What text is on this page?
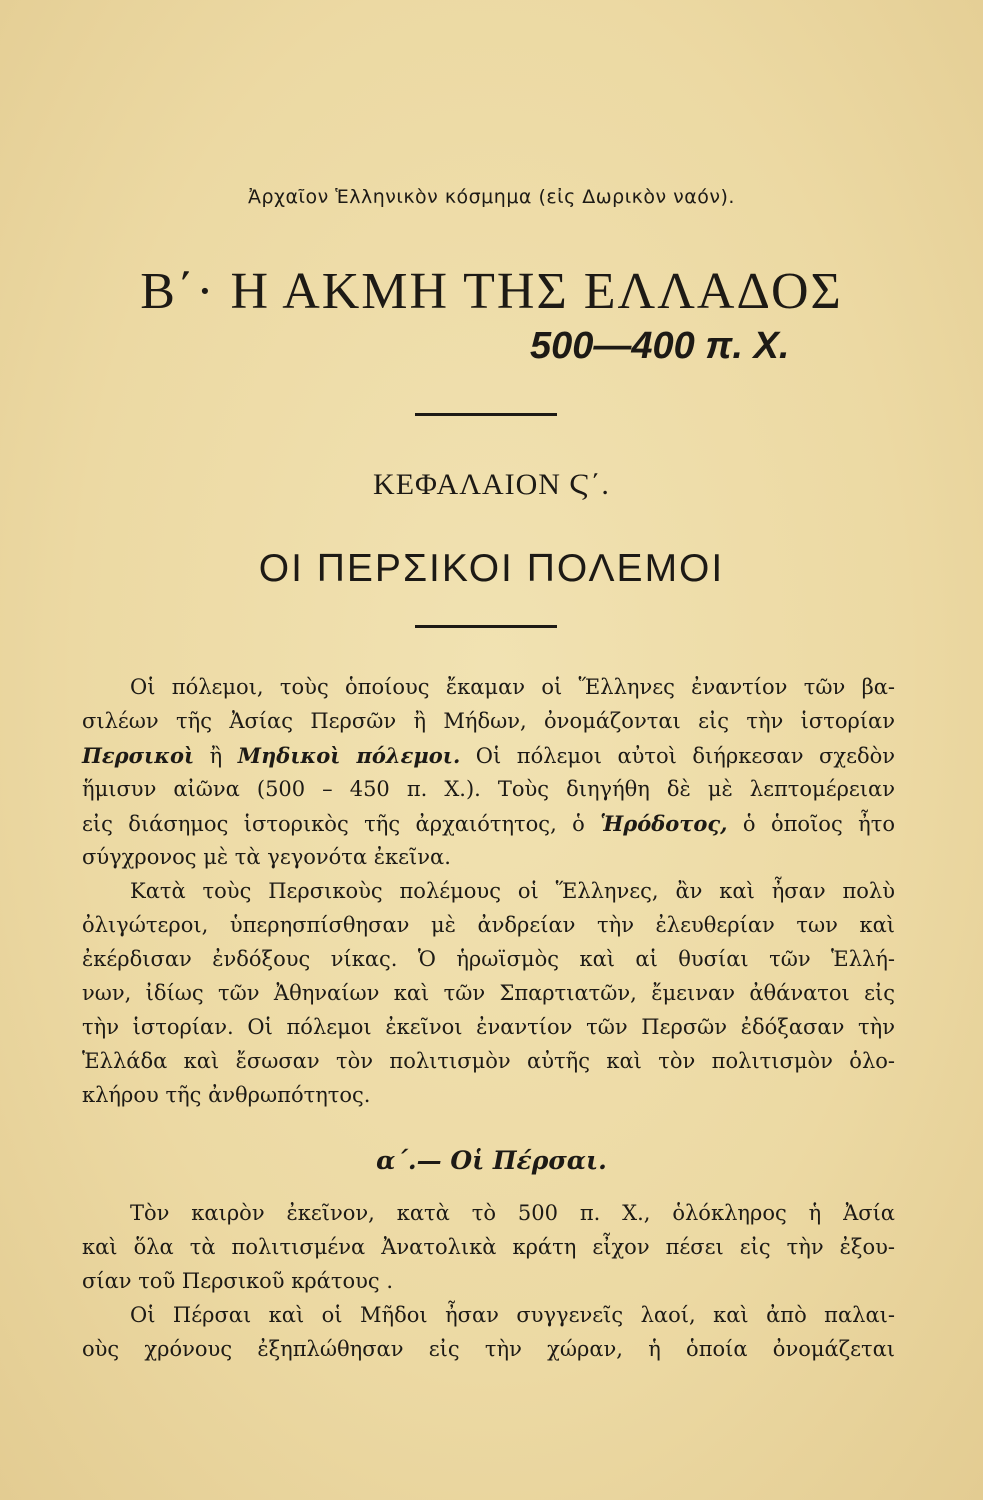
Ἀρχαῖον Ἑλληνικὸν κόσμημα (εἰς Δωρικὸν ναόν).
Β΄· Η ΑΚΜΗ ΤΗΣ ΕΛΛΑΔΟΣ
500—400 π. Χ.
ΚΕΦΑΛΑΙΟΝ Ϛ΄.
ΟΙ ΠΕΡΣΙΚΟΙ ΠΟΛΕΜΟΙ
Οἱ πόλεμοι, τοὺς ὁποίους ἔκαμαν οἱ Ἕλληνες ἐναντίον τῶν βα-
σιλέων τῆς Ἀσίας Περσῶν ἢ Μήδων, ὀνομάζονται εἰς τὴν ἱστορίαν
Περσικοὶ ἢ Μηδικοὶ πόλεμοι. Οἱ πόλεμοι αὐτοὶ διήρκεσαν σχεδὸν
ἥμισυν αἰῶνα (500 – 450 π. Χ.). Τοὺς διηγήθη δὲ μὲ λεπτομέρειαν
εἰς διάσημος ἱστορικὸς τῆς ἀρχαιότητος, ὁ Ἡρόδοτος, ὁ ὁποῖος ἦτο
σύγχρονος μὲ τὰ γεγονότα ἐκεῖνα.
Κατὰ τοὺς Περσικοὺς πολέμους οἱ Ἕλληνες, ἂν καὶ ἦσαν πολὺ
ὀλιγώτεροι, ὑπερησπίσθησαν μὲ ἀνδρείαν τὴν ἐλευθερίαν των καὶ
ἐκέρδισαν ἐνδόξους νίκας. Ὁ ἡρωϊσμὸς καὶ αἱ θυσίαι τῶν Ἑλλή-
νων, ἰδίως τῶν Ἀθηναίων καὶ τῶν Σπαρτιατῶν, ἔμειναν ἀθάνατοι εἰς
τὴν ἱστορίαν. Οἱ πόλεμοι ἐκεῖνοι ἐναντίον τῶν Περσῶν ἐδόξασαν τὴν
Ἑλλάδα καὶ ἔσωσαν τὸν πολιτισμὸν αὐτῆς καὶ τὸν πολιτισμὸν ὁλο-
κλήρου τῆς ἀνθρωπότητος.
α΄.— Οἱ Πέρσαι.
Τὸν καιρὸν ἐκεῖνον, κατὰ τὸ 500 π. Χ., ὁλόκληρος ἡ Ἀσία
καὶ ὅλα τὰ πολιτισμένα Ἀνατολικὰ κράτη εἶχον πέσει εἰς τὴν ἐξου-
σίαν τοῦ Περσικοῦ κράτους .
Οἱ Πέρσαι καὶ οἱ Μῆδοι ἦσαν συγγενεῖς λαοί, καὶ ἀπὸ παλαι-
οὺς χρόνους ἐξηπλώθησαν εἰς τὴν χώραν, ἡ ὁποία ὀνομάζεται
